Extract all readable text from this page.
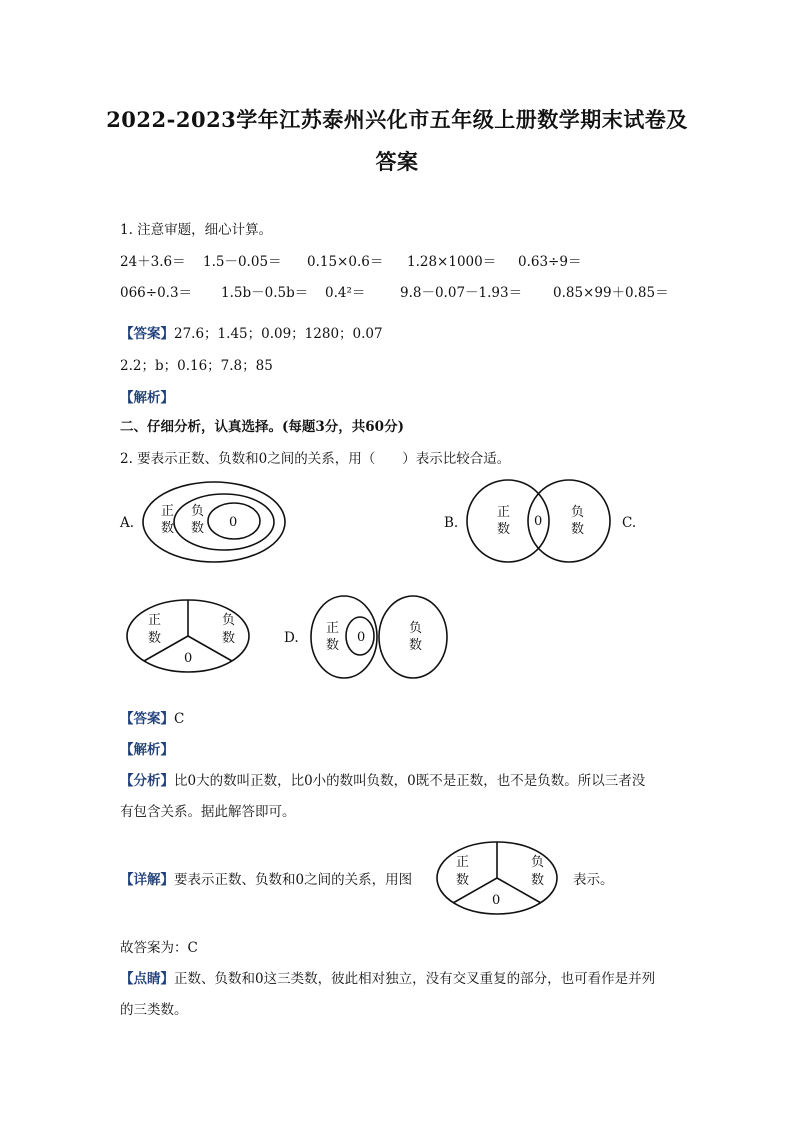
2022-2023学年江苏泰州兴化市五年级上册数学期末试卷及
答案
1. 注意审题，细心计算。
24＋3.6＝ 1.5－0.05＝ 0.15×0.6＝ 1.28×1000＝ 0.63÷9＝
066÷0.3＝ 1.5b－0.5b＝ 0.4²＝	9.8－0.07－1.93＝ 0.85×99＋0.85＝
【答案】27.6；1.45；0.09；1280；0.07
2.2；b；0.16；7.8；85
【解析】
二、仔细分析，认真选择。(每题3分，共60分)
2. 要表示正数、负数和0之间的关系，用（　　）表示比较合适。
A.
正
数
负
数 0	B.
正
数
0
负
数	C.
正
数
负
数
0
D.
正
数
0
负
数
【答案】C
【解析】
【分析】比0大的数叫正数，比0小的数叫负数，0既不是正数，也不是负数。所以三者没
有包含关系。据此解答即可。
【详解】要表示正数、负数和0之间的关系，用图
正
数
负
数
0
表示。
故答案为：C
【点睛】正数、负数和0这三类数，彼此相对独立，没有交叉重复的部分，也可看作是并列
的三类数。
